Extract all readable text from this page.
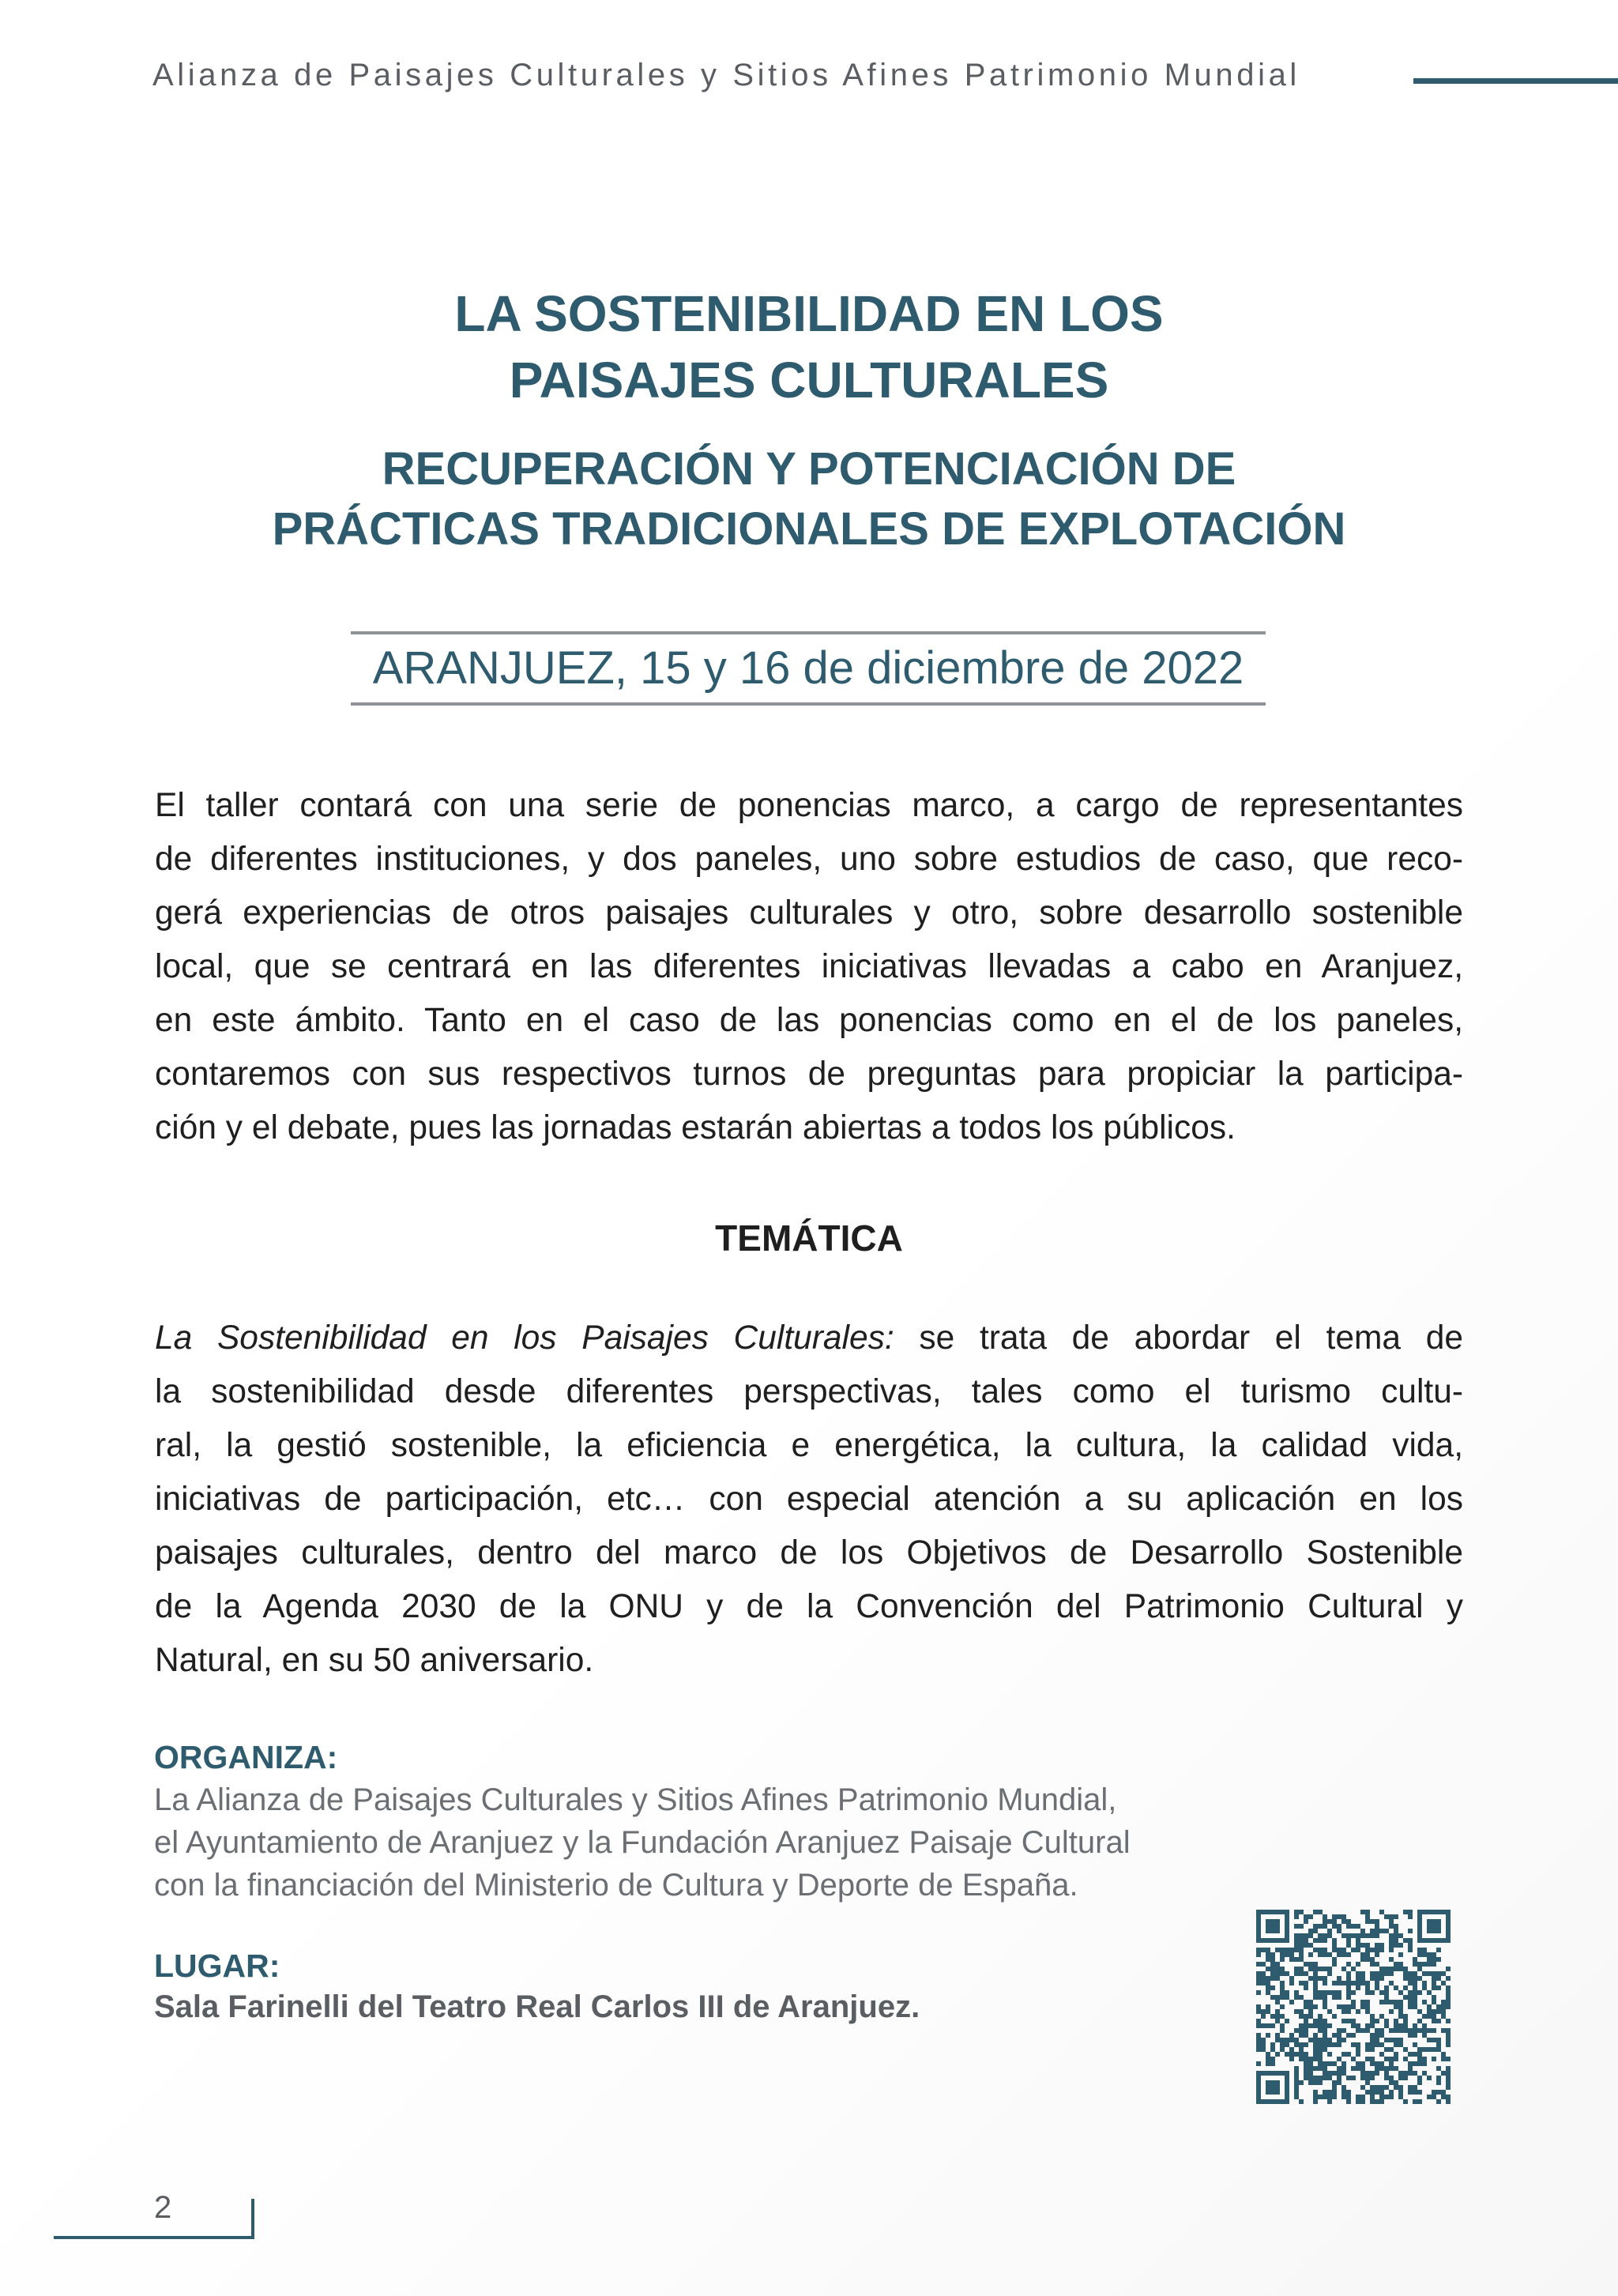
Alianza de Paisajes Culturales y Sitios Afines Patrimonio Mundial
LA SOSTENIBILIDAD EN LOS
PAISAJES CULTURALES
RECUPERACIÓN Y POTENCIACIÓN DE
PRÁCTICAS TRADICIONALES DE EXPLOTACIÓN
ARANJUEZ, 15 y 16 de diciembre de 2022
El taller contará con una serie de ponencias marco, a cargo de representantes
de diferentes instituciones, y dos paneles, uno sobre estudios de caso, que reco-
gerá experiencias de otros paisajes culturales y otro, sobre desarrollo sostenible
local, que se centrará en las diferentes iniciativas llevadas a cabo en Aranjuez,
en este ámbito. Tanto en el caso de las ponencias como en el de los paneles,
contaremos con sus respectivos turnos de preguntas para propiciar la participa-
ción y el debate, pues las jornadas estarán abiertas a todos los públicos.
TEMÁTICA
La Sostenibilidad en los Paisajes Culturales: se trata de abordar el tema de
la sostenibilidad desde diferentes perspectivas, tales como el turismo cultu-
ral, la gestió sostenible, la eficiencia e energética, la cultura, la calidad vida,
iniciativas de participación, etc… con especial atención a su aplicación en los
paisajes culturales, dentro del marco de los Objetivos de Desarrollo Sostenible
de la Agenda 2030 de la ONU y de la Convención del Patrimonio Cultural y
Natural, en su 50 aniversario.
ORGANIZA:
La Alianza de Paisajes Culturales y Sitios Afines Patrimonio Mundial,
el Ayuntamiento de Aranjuez y la Fundación Aranjuez Paisaje Cultural
con la financiación del Ministerio de Cultura y Deporte de España.
LUGAR:
Sala Farinelli del Teatro Real Carlos III de Aranjuez.
2
